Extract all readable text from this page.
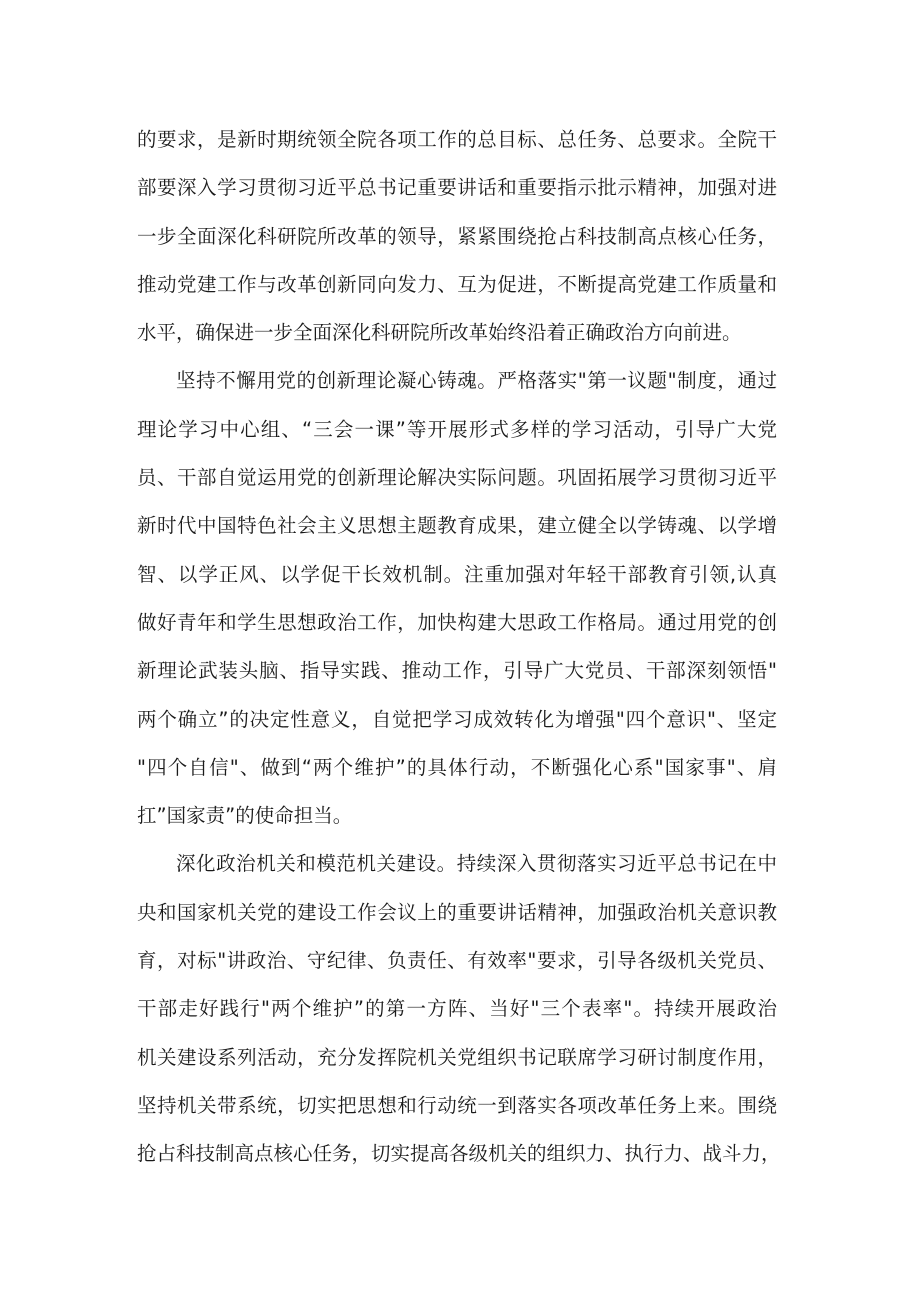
的要求，是新时期统领全院各项工作的总目标、总任务、总要求。全院干
部要深入学习贯彻习近平总书记重要讲话和重要指示批示精神，加强对进
一步全面深化科研院所改革的领导，紧紧围绕抢占科技制高点核心任务，
推动党建工作与改革创新同向发力、互为促进，不断提高党建工作质量和
水平，确保进一步全面深化科研院所改革始终沿着正确政治方向前进。
坚持不懈用党的创新理论凝心铸魂。严格落实"第一议题"制度，通过
理论学习中心组、“三会一课”等开展形式多样的学习活动，引导广大党
员、干部自觉运用党的创新理论解决实际问题。巩固拓展学习贯彻习近平
新时代中国特色社会主义思想主题教育成果，建立健全以学铸魂、以学增
智、以学正风、以学促干长效机制。注重加强对年轻干部教育引领,认真
做好青年和学生思想政治工作，加快构建大思政工作格局。通过用党的创
新理论武装头脑、指导实践、推动工作，引导广大党员、干部深刻领悟"
两个确立”的决定性意义，自觉把学习成效转化为增强"四个意识"、坚定
"四个自信"、做到“两个维护”的具体行动，不断强化心系"国家事"、肩
扛”国家责”的使命担当。
深化政治机关和模范机关建设。持续深入贯彻落实习近平总书记在中
央和国家机关党的建设工作会议上的重要讲话精神，加强政治机关意识教
育，对标"讲政治、守纪律、负责任、有效率"要求，引导各级机关党员、
干部走好践行"两个维护”的第一方阵、当好"三个表率"。持续开展政治
机关建设系列活动，充分发挥院机关党组织书记联席学习研讨制度作用，
坚持机关带系统，切实把思想和行动统一到落实各项改革任务上来。围绕
抢占科技制高点核心任务，切实提高各级机关的组织力、执行力、战斗力，
